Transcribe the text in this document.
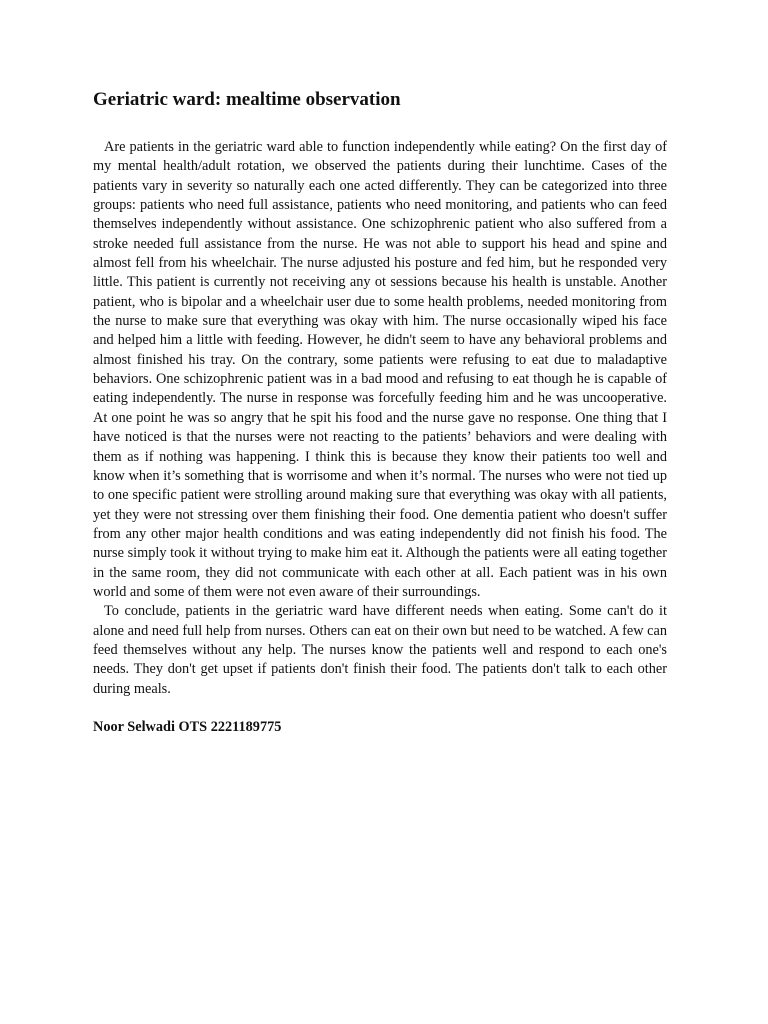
Geriatric ward: mealtime observation

Are patients in the geriatric ward able to function independently while eating? On the first day of my mental health/adult rotation, we observed the patients during their lunchtime. Cases of the patients vary in severity so naturally each one acted differently. They can be categorized into three groups: patients who need full assistance, patients who need monitoring, and patients who can feed themselves independently without assistance. One schizophrenic patient who also suffered from a stroke needed full assistance from the nurse. He was not able to support his head and spine and almost fell from his wheelchair. The nurse adjusted his posture and fed him, but he responded very little. This patient is currently not receiving any ot sessions because his health is unstable. Another patient, who is bipolar and a wheelchair user due to some health problems, needed monitoring from the nurse to make sure that everything was okay with him. The nurse occasionally wiped his face and helped him a little with feeding. However, he didn't seem to have any behavioral problems and almost finished his tray. On the contrary, some patients were refusing to eat due to maladaptive behaviors. One schizophrenic patient was in a bad mood and refusing to eat though he is capable of eating independently. The nurse in response was forcefully feeding him and he was uncooperative. At one point he was so angry that he spit his food and the nurse gave no response. One thing that I have noticed is that the nurses were not reacting to the patients’ behaviors and were dealing with them as if nothing was happening. I think this is because they know their patients too well and know when it’s something that is worrisome and when it’s normal. The nurses who were not tied up to one specific patient were strolling around making sure that everything was okay with all patients, yet they were not stressing over them finishing their food. One dementia patient who doesn't suffer from any other major health conditions and was eating independently did not finish his food. The nurse simply took it without trying to make him eat it. Although the patients were all eating together in the same room, they did not communicate with each other at all. Each patient was in his own world and some of them were not even aware of their surroundings.

To conclude, patients in the geriatric ward have different needs when eating. Some can't do it alone and need full help from nurses. Others can eat on their own but need to be watched. A few can feed themselves without any help. The nurses know the patients well and respond to each one's needs. They don't get upset if patients don't finish their food. The patients don't talk to each other during meals.

Noor Selwadi OTS 2221189775
